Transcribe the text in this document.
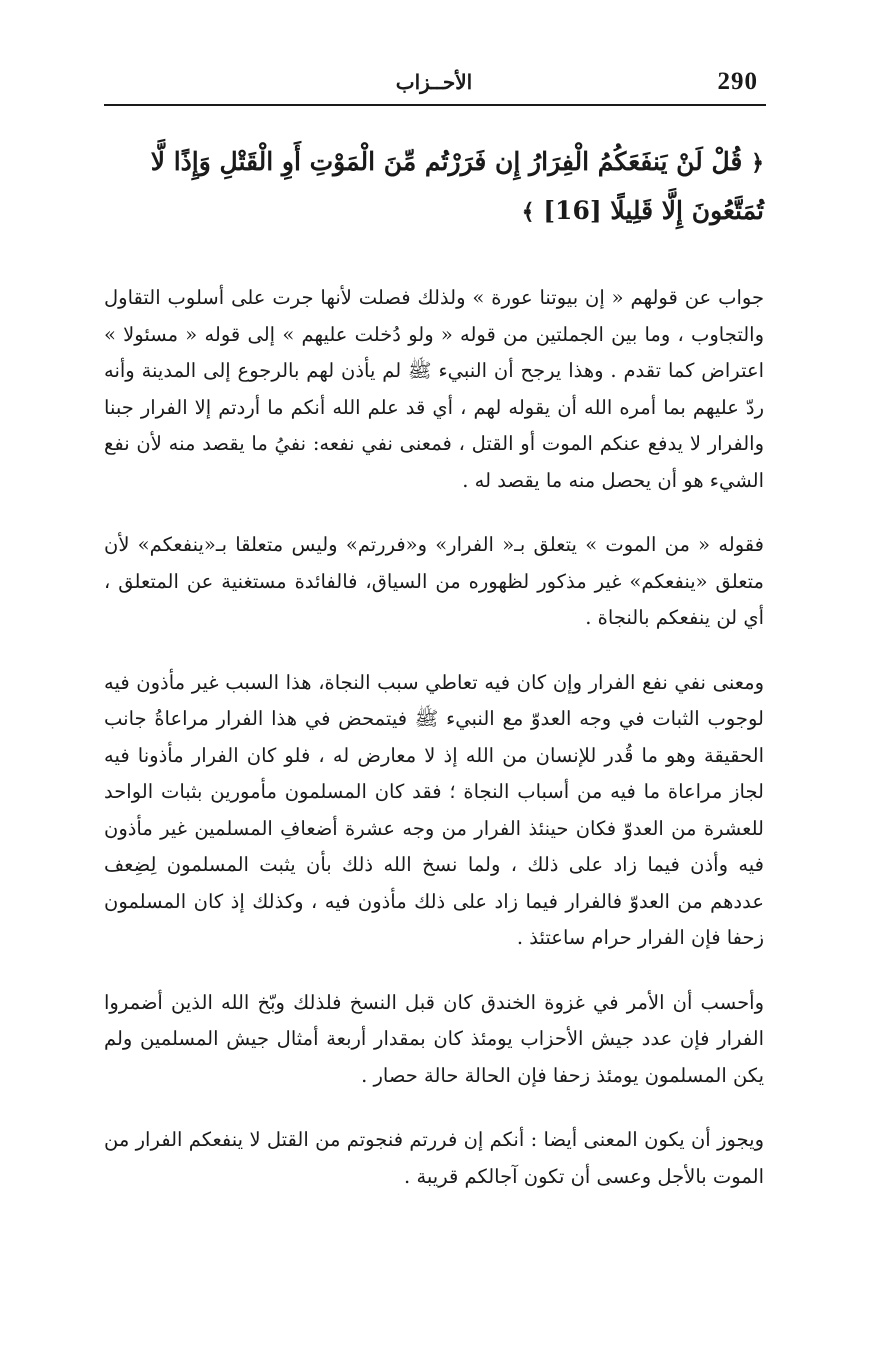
290
الأحــزاب
﴿ قُلْ لَنْ يَنفَعَكُمُ الْفِرَارُ إِن فَرَرْتُم مِّنَ الْمَوْتِ أَوِ الْقَتْلِ وَإِذًا لَّا تُمَتَّعُونَ إِلَّا قَلِيلًا [16] ﴾

جواب عن قولهم « إن بيوتنا عورة » ولذلك فصلت لأنها جرت على أسلوب التقاول والتجاوب ، وما بين الجملتين من قوله « ولو دُخلت عليهم » إلى قوله « مسئولا » اعتراض كما تقدم . وهذا يرجح أن النبيء ﷺ لم يأذن لهم بالرجوع إلى المدينة وأنه ردّ عليهم بما أمره الله أن يقوله لهم ، أي قد علم الله أنكم ما أردتم إلا الفرار جبنا والفرار لا يدفع عنكم الموت أو القتل ، فمعنى نفي نفعه: نفيُ ما يقصد منه لأن نفع الشيء هو أن يحصل منه ما يقصد له .

فقوله « من الموت » يتعلق بـ« الفرار» و«فررتم» وليس متعلقا بـ«ينفعكم» لأن متعلق «ينفعكم» غير مذكور لظهوره من السياق، فالفائدة مستغنية عن المتعلق ، أي لن ينفعكم بالنجاة .

ومعنى نفي نفع الفرار وإن كان فيه تعاطي سبب النجاة، هذا السبب غير مأذون فيه لوجوب الثبات في وجه العدوّ مع النبيء ﷺ فيتمحض في هذا الفرار مراعاةُ جانب الحقيقة وهو ما قُدر للإنسان من الله إذ لا معارض له ، فلو كان الفرار مأذونا فيه لجاز مراعاة ما فيه من أسباب النجاة ؛ فقد كان المسلمون مأمورين بثبات الواحد للعشرة من العدوّ فكان حينئذ الفرار من وجه عشرة أضعافِ المسلمين غير مأذون فيه وأذن فيما زاد على ذلك ، ولما نسخ الله ذلك بأن يثبت المسلمون لِضِعف عددهم من العدوّ فالفرار فيما زاد على ذلك مأذون فيه ، وكذلك إذ كان المسلمون زحفا فإن الفرار حرام ساعتئذ .

وأحسب أن الأمر في غزوة الخندق كان قبل النسخ فلذلك وبّخ الله الذين أضمروا الفرار فإن عدد جيش الأحزاب يومئذ كان بمقدار أربعة أمثال جيش المسلمين ولم يكن المسلمون يومئذ زحفا فإن الحالة حالة حصار .

ويجوز أن يكون المعنى أيضا : أنكم إن فررتم فنجوتم من القتل لا ينفعكم الفرار من الموت بالأجل وعسى أن تكون آجالكم قريبة .
